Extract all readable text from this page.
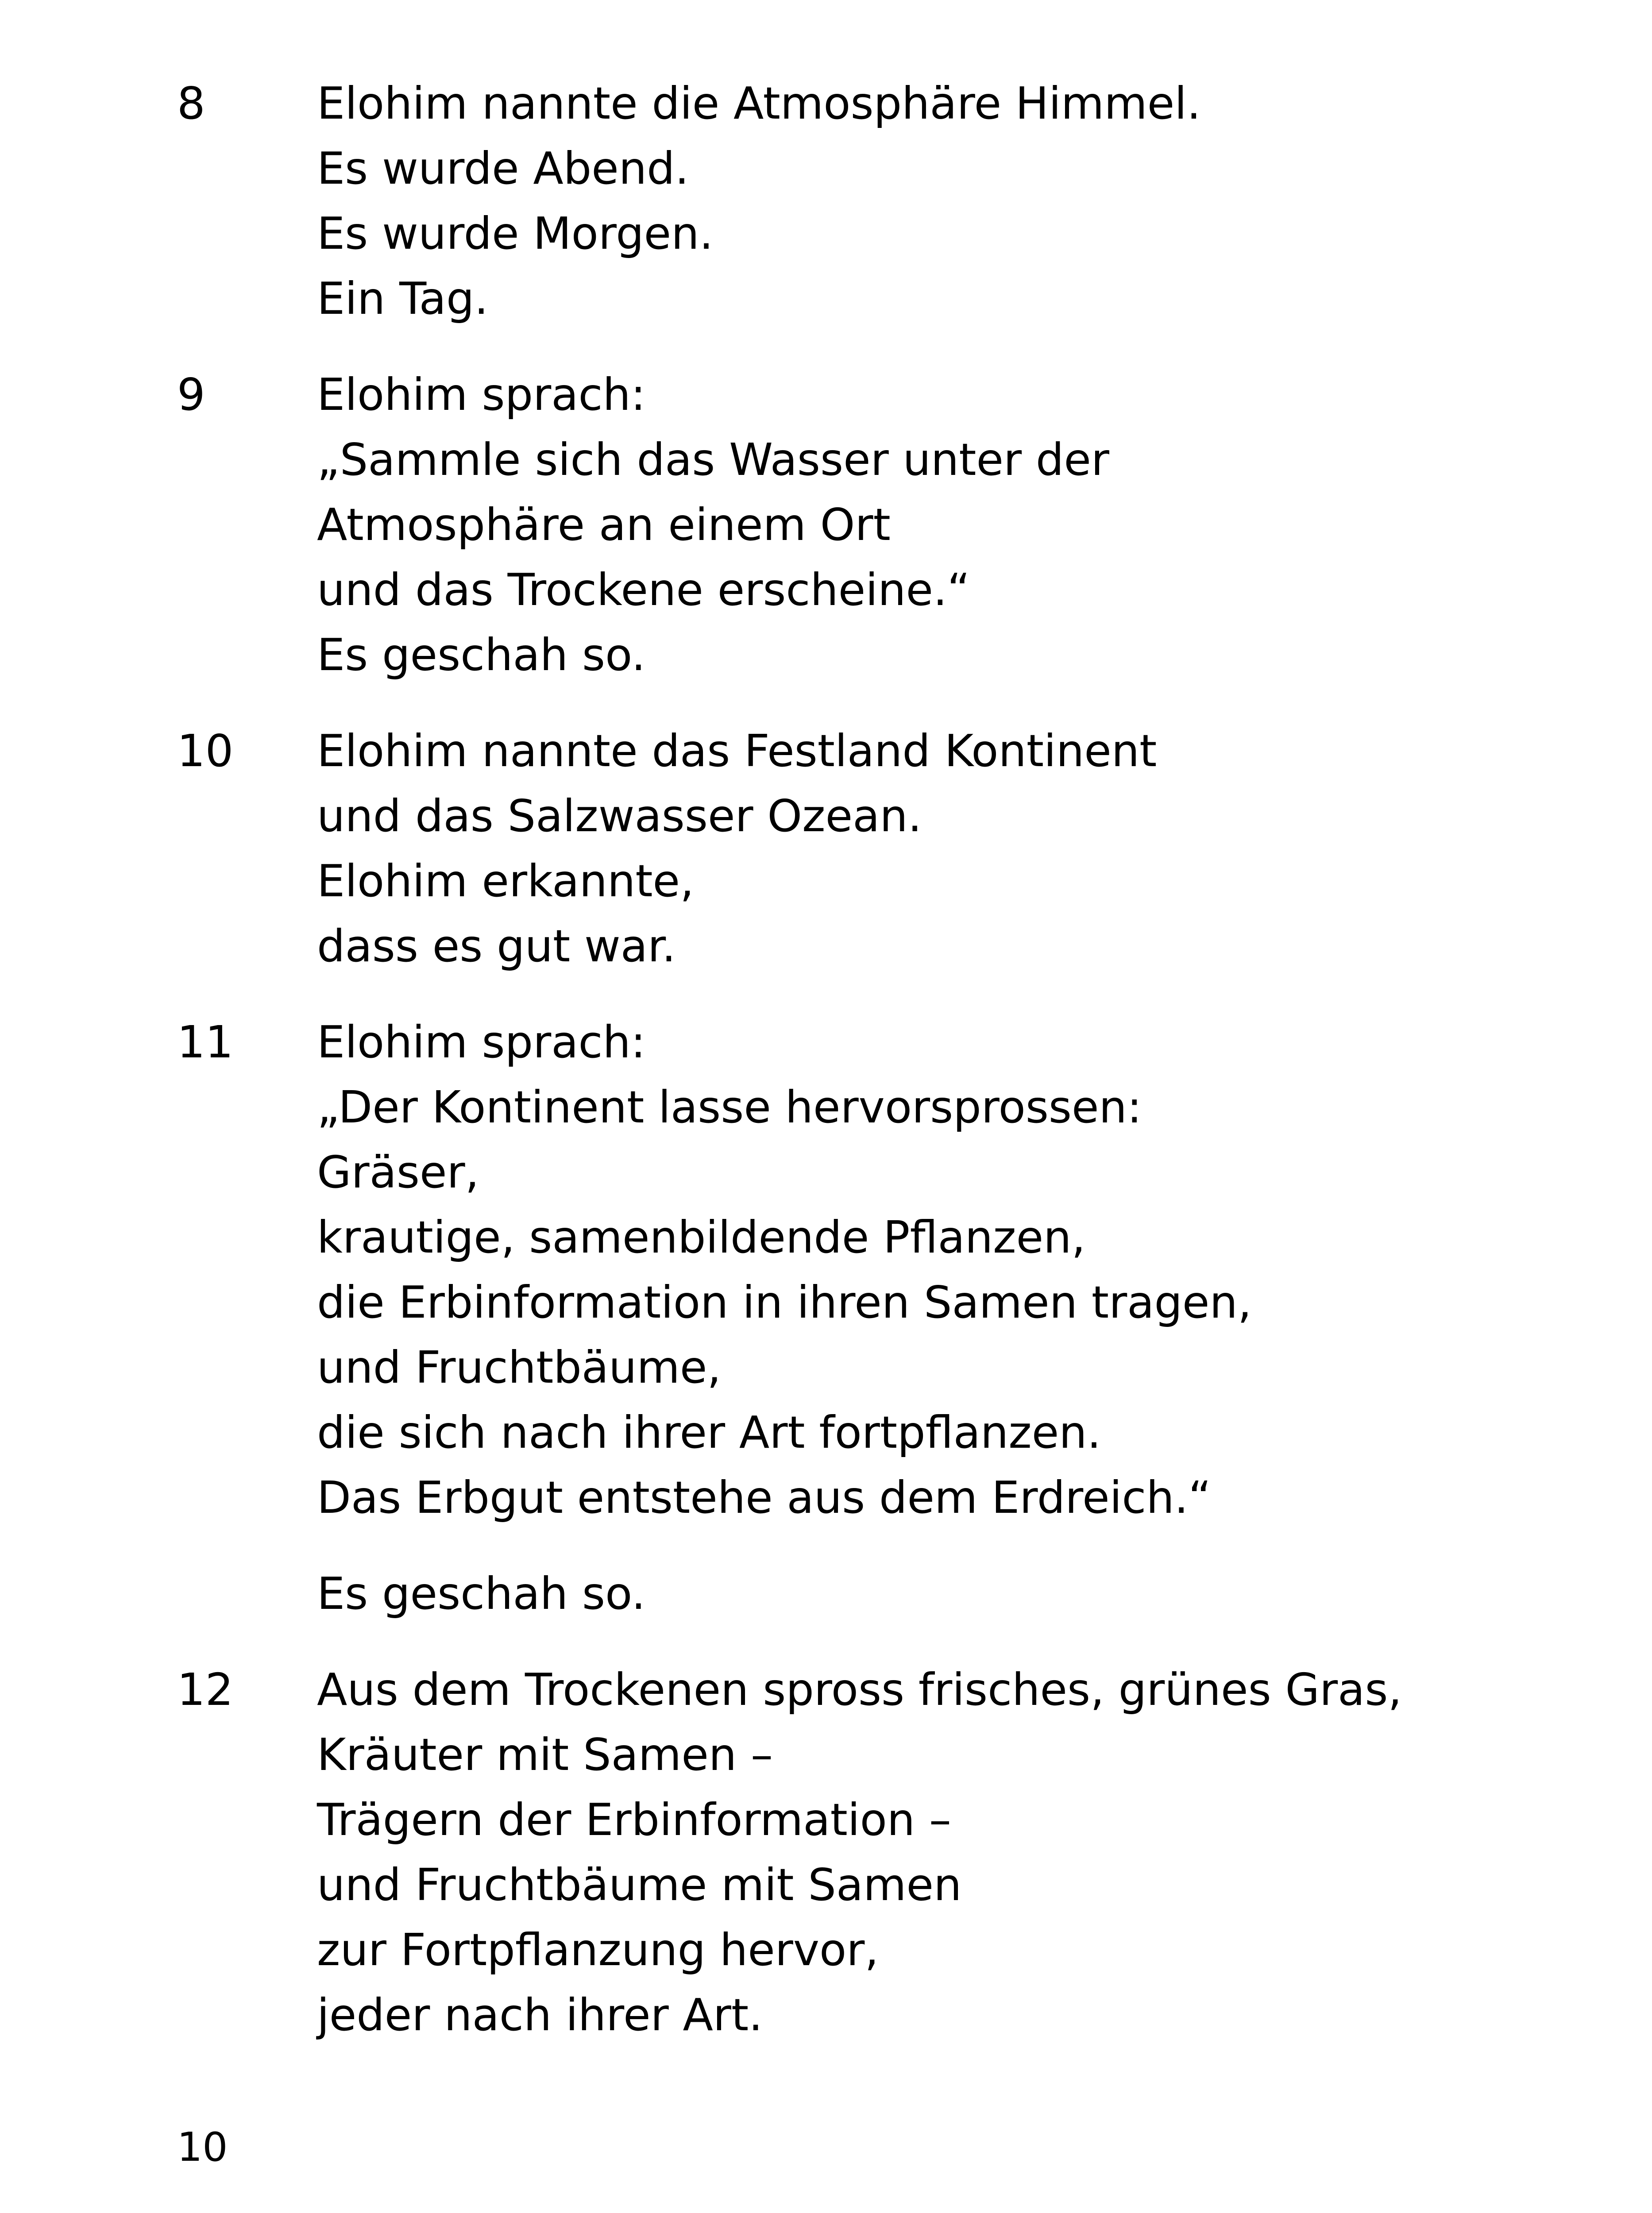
8	Elohim nannte die Atmosphäre Himmel.
Es wurde Abend.
Es wurde Morgen.
Ein Tag.
9	Elohim sprach:
„Sammle sich das Wasser unter der
Atmosphäre an einem Ort
und das Trockene erscheine.“
Es geschah so.
10	Elohim nannte das Festland Kontinent
und das Salzwasser Ozean.
Elohim erkannte,
dass es gut war.
11	Elohim sprach:
„Der Kontinent lasse hervorsprossen:
Gräser,
krautige, samenbildende Pflanzen,
die Erbinformation in ihren Samen tragen,
und Fruchtbäume,
die sich nach ihrer Art fortpflanzen.
Das Erbgut entstehe aus dem Erdreich.“
Es geschah so.
12	Aus dem Trockenen spross frisches, grünes Gras,
Kräuter mit Samen –
Trägern der Erbinformation –
und Fruchtbäume mit Samen
zur Fortpflanzung hervor,
jeder nach ihrer Art.
10
